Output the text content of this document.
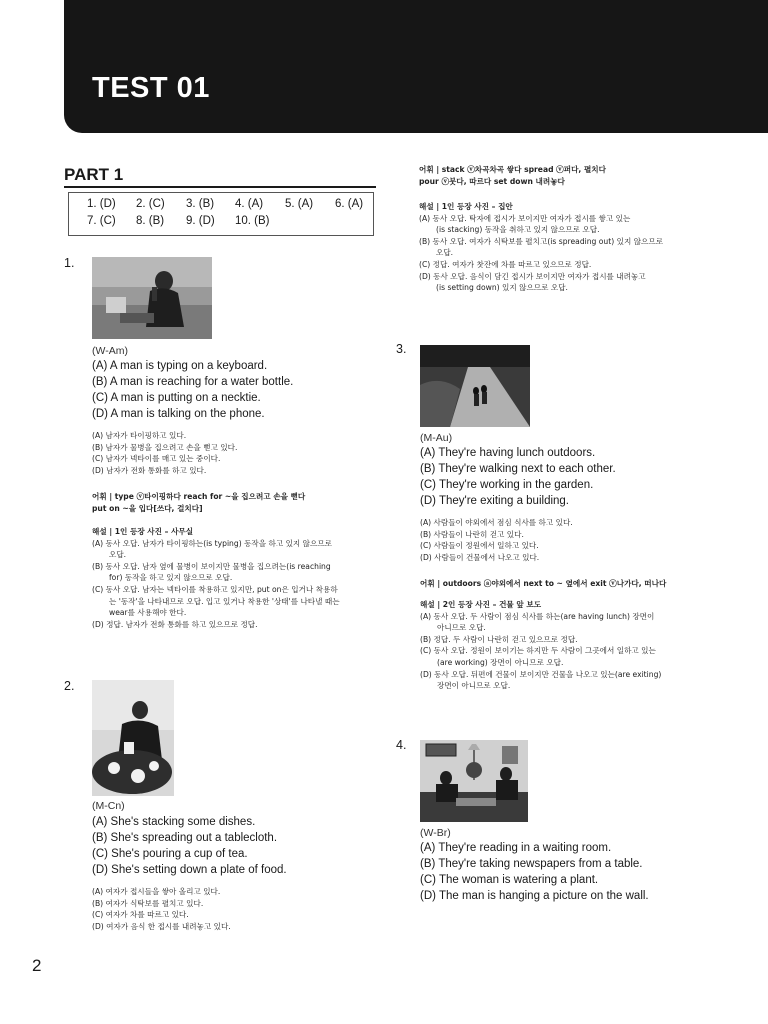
TEST 01
PART 1
1. (D) 2. (C) 3. (B) 4. (A) 5. (A) 6. (A)
7. (C) 8. (B) 9. (D) 10. (B)
1.
(W-Am)
(A) A man is typing on a keyboard.
(B) A man is reaching for a water bottle.
(C) A man is putting on a necktie.
(D) A man is talking on the phone.
(A) 남자가 타이핑하고 있다.
(B) 남자가 물병을 집으려고 손을 뻗고 있다.
(C) 남자가 넥타이를 매고 있는 중이다.
(D) 남자가 전화 통화를 하고 있다.
어휘 | type ⓥ타이핑하다 reach for ~을 집으려고 손을 뻗다
put on ~을 입다[쓰다, 걸치다]
해설 | 1인 등장 사진 – 사무실
(A) 동사 오답. 남자가 타이핑하는(is typing) 동작을 하고 있지 않으므로
오답.
(B) 동사 오답. 남자 옆에 물병이 보이지만 물병을 집으려는(is reaching
for) 동작을 하고 있지 않으므로 오답.
(C) 동사 오답. 남자는 넥타이를 착용하고 있지만, put on은 입거나 착용하
는 '동작'을 나타내므로 오답. 입고 있거나 착용한 '상태'를 나타낼 때는
wear를 사용해야 한다.
(D) 정답. 남자가 전화 통화를 하고 있으므로 정답.
2.
(M-Cn)
(A) She's stacking some dishes.
(B) She's spreading out a tablecloth.
(C) She's pouring a cup of tea.
(D) She's setting down a plate of food.
(A) 여자가 접시들을 쌓아 올리고 있다.
(B) 여자가 식탁보를 펼치고 있다.
(C) 여자가 차를 따르고 있다.
(D) 여자가 음식 한 접시를 내려놓고 있다.
어휘 | stack ⓥ차곡차곡 쌓다 spread ⓥ퍼다, 펼치다
pour ⓥ붓다, 따르다 set down 내려놓다
해설 | 1인 등장 사진 – 집안
(A) 동사 오답. 탁자에 접시가 보이지만 여자가 접시를 쌓고 있는
(is stacking) 동작을 취하고 있지 않으므로 오답.
(B) 동사 오답. 여자가 식탁보를 펼치고(is spreading out) 있지 않으므로
오답.
(C) 정답. 여자가 찻잔에 차를 따르고 있으므로 정답.
(D) 동사 오답. 음식이 담긴 접시가 보이지만 여자가 접시를 내려놓고
(is setting down) 있지 않으므로 오답.
3.
(M-Au)
(A) They're having lunch outdoors.
(B) They're walking next to each other.
(C) They're working in the garden.
(D) They're exiting a building.
(A) 사람들이 야외에서 점심 식사를 하고 있다.
(B) 사람들이 나란히 걷고 있다.
(C) 사람들이 정원에서 일하고 있다.
(D) 사람들이 건물에서 나오고 있다.
어휘 | outdoors ⓐ야외에서 next to ~ 옆에서 exit ⓥ나가다, 떠나다
해설 | 2인 등장 사진 – 건물 앞 보도
(A) 동사 오답. 두 사람이 점심 식사를 하는(are having lunch) 장면이
아니므로 오답.
(B) 정답. 두 사람이 나란히 걷고 있으므로 정답.
(C) 동사 오답. 정원이 보이기는 하지만 두 사람이 그곳에서 일하고 있는
(are working) 장면이 아니므로 오답.
(D) 동사 오답. 뒤편에 건물이 보이지만 건물을 나오고 있는(are exiting)
장면이 아니므로 오답.
4.
(W-Br)
(A) They're reading in a waiting room.
(B) They're taking newspapers from a table.
(C) The woman is watering a plant.
(D) The man is hanging a picture on the wall.
2
